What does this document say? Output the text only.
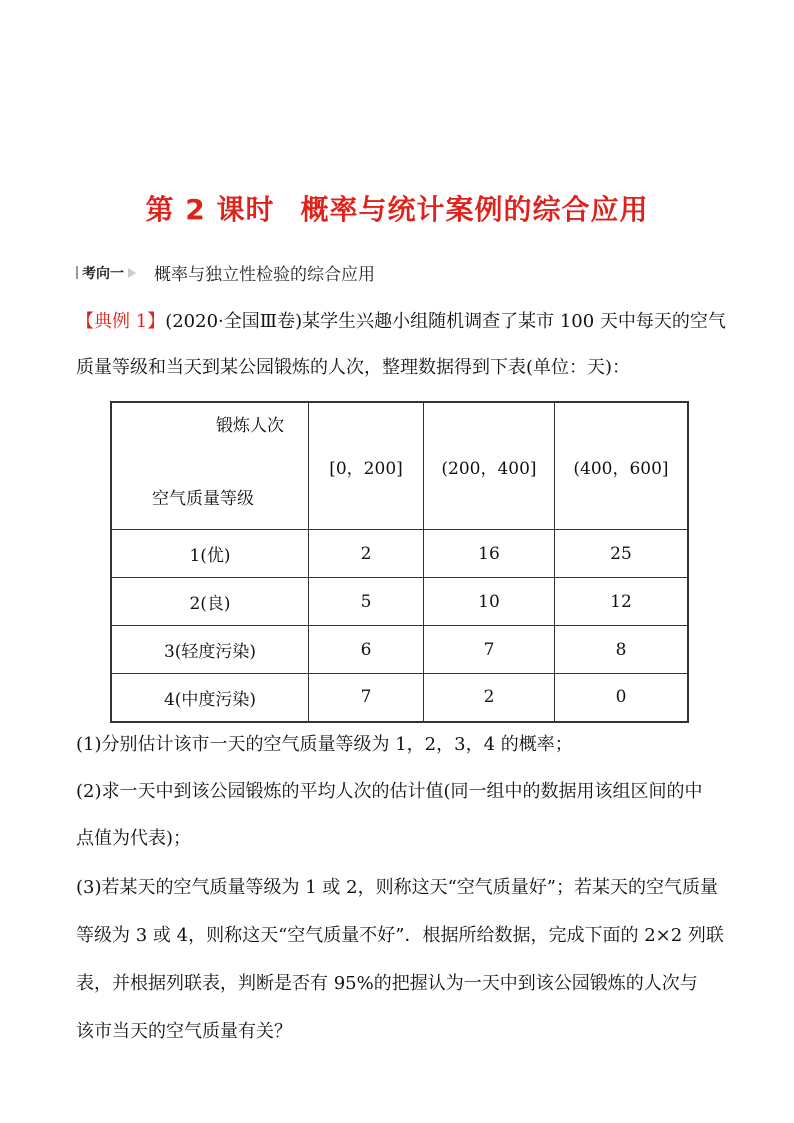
第 2 课时 概率与统计案例的综合应用
考向一 概率与独立性检验的综合应用
【典例 1】(2020·全国Ⅲ卷)某学生兴趣小组随机调查了某市 100 天中每天的空气
质量等级和当天到某公园锻炼的人次，整理数据得到下表(单位：天)：
锻炼人次
空气质量等级	[0，200]	(200，400]	(400，600]
1(优)	2	16	25
2(良)	5	10	12
3(轻度污染)	6	7	8
4(中度污染)	7	2	0
(1)分别估计该市一天的空气质量等级为 1，2，3，4 的概率；
(2)求一天中到该公园锻炼的平均人次的估计值(同一组中的数据用该组区间的中
点值为代表)；
(3)若某天的空气质量等级为 1 或 2，则称这天“空气质量好”；若某天的空气质量
等级为 3 或 4，则称这天“空气质量不好”．根据所给数据，完成下面的 2×2 列联
表，并根据列联表，判断是否有 95%的把握认为一天中到该公园锻炼的人次与
该市当天的空气质量有关？
